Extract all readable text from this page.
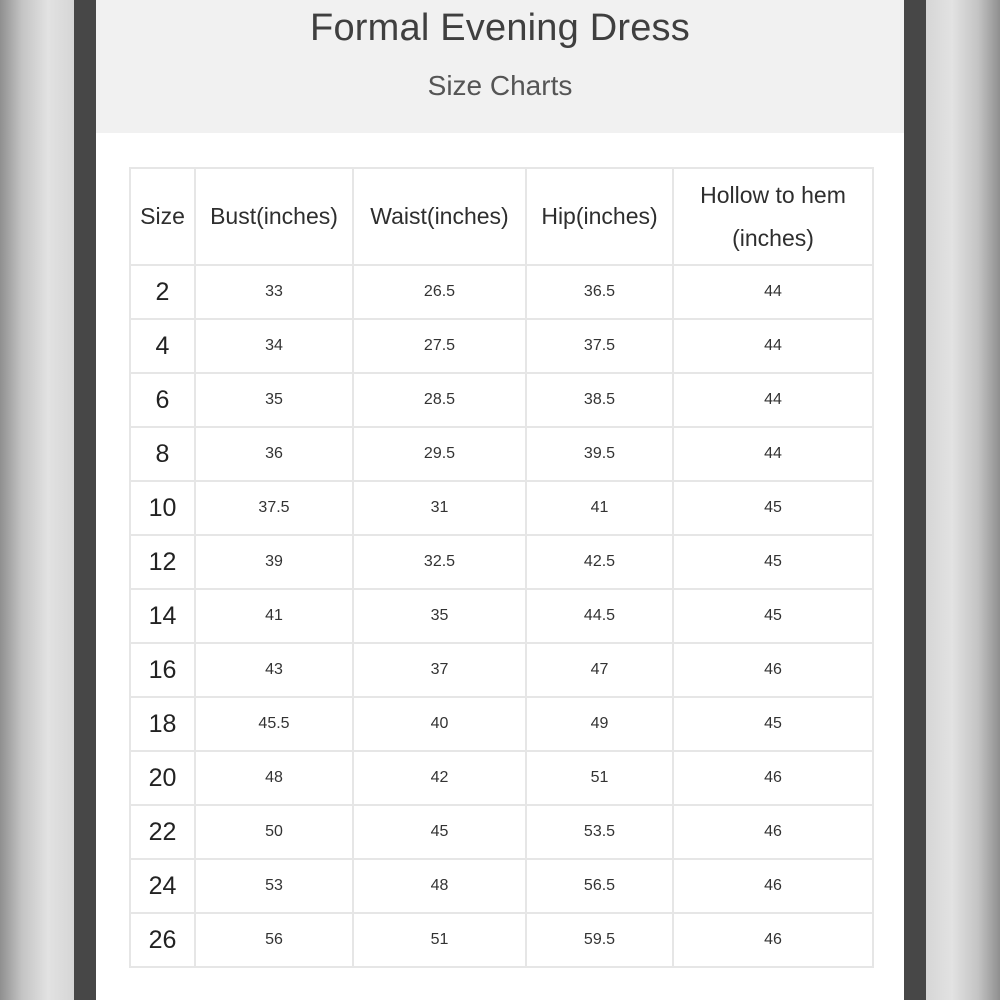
Formal Evening Dress
Size Charts
Size	Bust(inches)	Waist(inches)	Hip(inches)	Hollow to hem (inches)
2	33	26.5	36.5	44
4	34	27.5	37.5	44
6	35	28.5	38.5	44
8	36	29.5	39.5	44
10	37.5	31	41	45
12	39	32.5	42.5	45
14	41	35	44.5	45
16	43	37	47	46
18	45.5	40	49	45
20	48	42	51	46
22	50	45	53.5	46
24	53	48	56.5	46
26	56	51	59.5	46
